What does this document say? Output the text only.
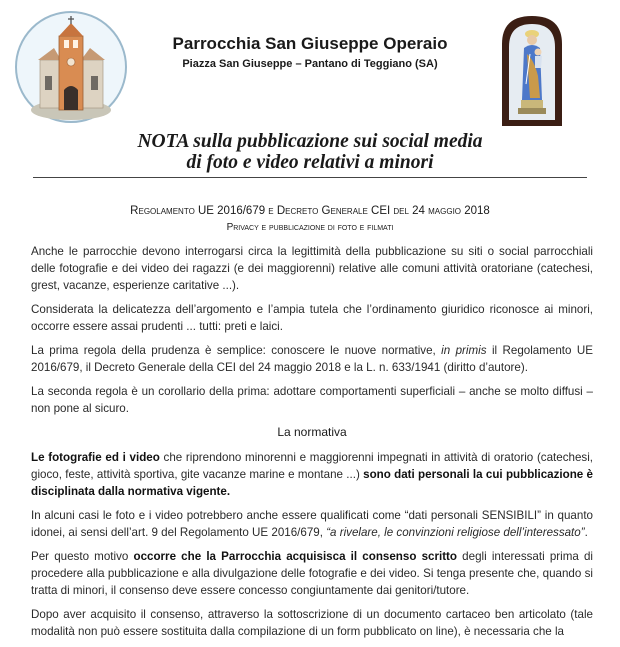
Parrocchia San Giuseppe Operaio
Piazza San Giuseppe – Pantano di Teggiano (SA)
NOTA sulla pubblicazione sui social media
di foto e video relativi a minori
Regolamento UE 2016/679 e Decreto Generale CEI del 24 maggio 2018
Privacy e pubblicazione di foto e filmati

Anche le parrocchie devono interrogarsi circa la legittimità della pubblicazione su siti o social parrocchiali delle fotografie e dei video dei ragazzi (e dei maggiorenni) relative alle comuni attività oratoriane (catechesi, grest, vacanze, esperienze caritative ...).

Considerata la delicatezza dell’argomento e l’ampia tutela che l’ordinamento giuridico riconosce ai minori, occorre essere assai prudenti ... tutti: preti e laici.

La prima regola della prudenza è semplice: conoscere le nuove normative, in primis il Regolamento UE 2016/679, il Decreto Generale della CEI del 24 maggio 2018 e la L. n. 633/1941 (diritto d’autore).

La seconda regola è un corollario della prima: adottare comportamenti superficiali – anche se molto diffusi – non pone al sicuro.

La normativa

Le fotografie ed i video che riprendono minorenni e maggiorenni impegnati in attività di oratorio (catechesi, gioco, feste, attività sportiva, gite vacanze marine e montane ...) sono dati personali la cui pubblicazione è disciplinata dalla normativa vigente.

In alcuni casi le foto e i video potrebbero anche essere qualificati come “dati personali SENSIBILI” in quanto idonei, ai sensi dell’art. 9 del Regolamento UE 2016/679, “a rivelare, le convinzioni religiose dell’interessato”.

Per questo motivo occorre che la Parrocchia acquisisca il consenso scritto degli interessati prima di procedere alla pubblicazione e alla divulgazione delle fotografie e dei video. Si tenga presente che, quando si tratta di minori, il consenso deve essere concesso congiuntamente dai genitori/tutore.

Dopo aver acquisito il consenso, attraverso la sottoscrizione di un documento cartaceo ben articolato (tale modalità non può essere sostituita dalla compilazione di un form pubblicato on line), è necessaria che la
